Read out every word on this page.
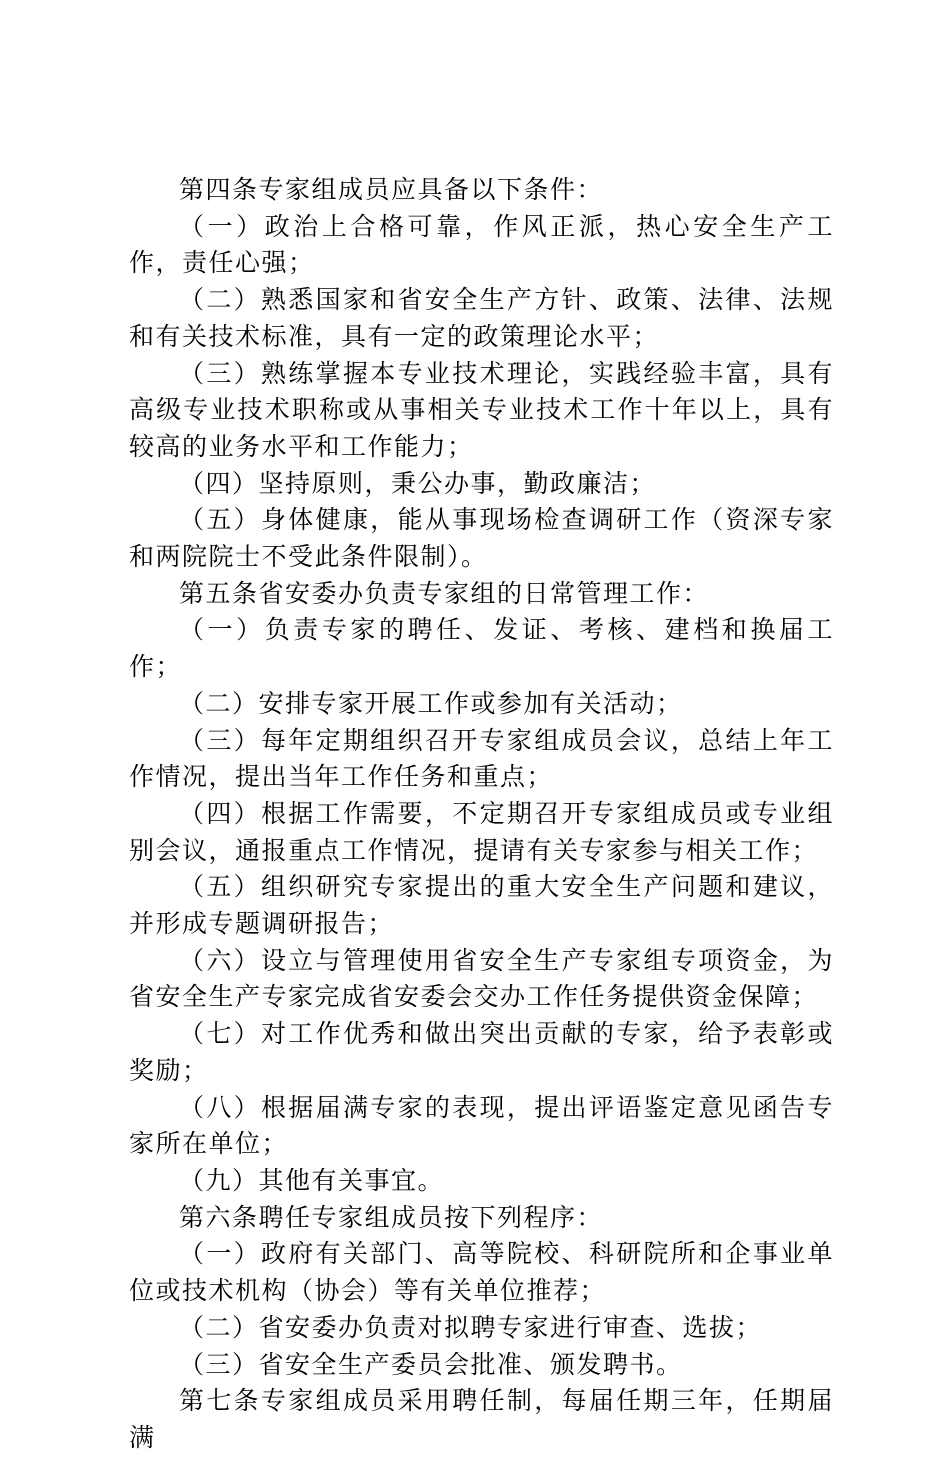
第四条专家组成员应具备以下条件：

（一）政治上合格可靠，作风正派，热心安全生产工作，责任心强；

（二）熟悉国家和省安全生产方针、政策、法律、法规和有关技术标准，具有一定的政策理论水平；

（三）熟练掌握本专业技术理论，实践经验丰富，具有高级专业技术职称或从事相关专业技术工作十年以上，具有较高的业务水平和工作能力；

（四）坚持原则，秉公办事，勤政廉洁；

（五）身体健康，能从事现场检查调研工作（资深专家和两院院士不受此条件限制）。

第五条省安委办负责专家组的日常管理工作：

（一）负责专家的聘任、发证、考核、建档和换届工作；

（二）安排专家开展工作或参加有关活动；

（三）每年定期组织召开专家组成员会议，总结上年工作情况，提出当年工作任务和重点；

（四）根据工作需要，不定期召开专家组成员或专业组别会议，通报重点工作情况，提请有关专家参与相关工作；

（五）组织研究专家提出的重大安全生产问题和建议，并形成专题调研报告；

（六）设立与管理使用省安全生产专家组专项资金，为省安全生产专家完成省安委会交办工作任务提供资金保障；

（七）对工作优秀和做出突出贡献的专家，给予表彰或奖励；

（八）根据届满专家的表现，提出评语鉴定意见函告专家所在单位；

（九）其他有关事宜。

第六条聘任专家组成员按下列程序：

（一）政府有关部门、高等院校、科研院所和企事业单位或技术机构（协会）等有关单位推荐；

（二）省安委办负责对拟聘专家进行审查、选拔；

（三）省安全生产委员会批准、颁发聘书。

第七条专家组成员采用聘任制，每届任期三年，任期届满
